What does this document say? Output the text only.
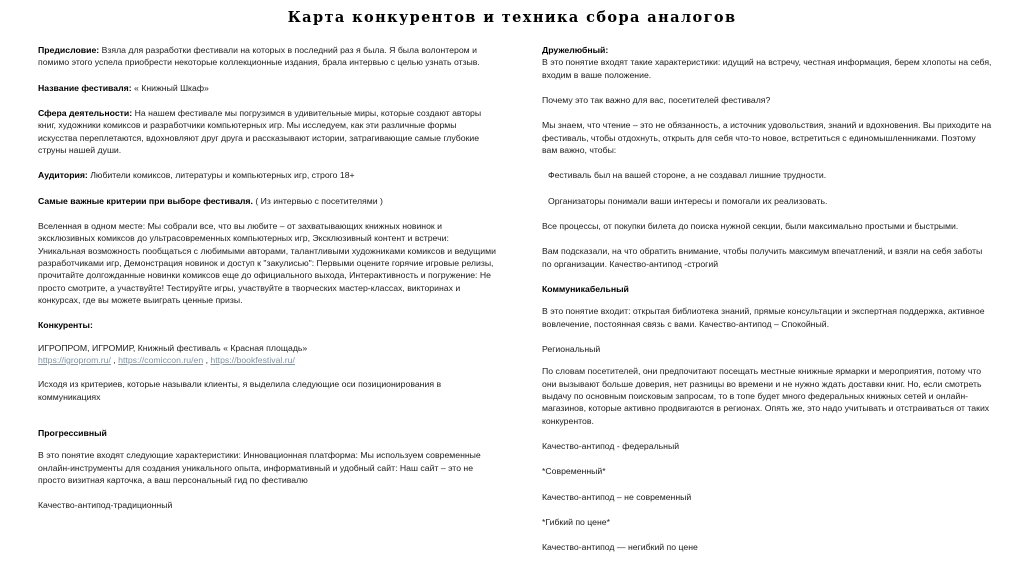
Карта конкурентов и техника сбора аналогов

Предисловие: Взяла для разработки фестивали на которых в последний раз я была. Я была волонтером и помимо этого успела приобрести некоторые коллекционные издания, брала интервью с целью узнать отзыв.

Название фестиваля: « Книжный Шкаф»

Сфера деятельности: На нашем фестивале мы погрузимся в удивительные миры, которые создают авторы книг, художники комиксов и разработчики компьютерных игр. Мы исследуем, как эти различные формы искусства переплетаются, вдохновляют друг друга и рассказывают истории, затрагивающие самые глубокие струны нашей души.

Аудитория: Любители комиксов, литературы и компьютерных игр, строго 18+

Самые важные критерии при выборе фестиваля. ( Из интервью с посетителями )

Вселенная в одном месте: Мы собрали все, что вы любите – от захватывающих книжных новинок и эксклюзивных комиксов до ультрасовременных компьютерных игр, Эксклюзивный контент и встречи: Уникальная возможность пообщаться с любимыми авторами, талантливыми художниками комиксов и ведущими разработчиками игр, Демонстрация новинок и доступ к "закулисью": Первыми оцените горячие игровые релизы, прочитайте долгожданные новинки комиксов еще до официального выхода, Интерактивность и погружение: Не просто смотрите, а участвуйте! Тестируйте игры, участвуйте в творческих мастер-классах, викторинах и конкурсах, где вы можете выиграть ценные призы.

Конкуренты:

ИГРОПРОМ, ИГРОМИР, Книжный фестиваль « Красная площадь»

https://igroprom.ru/ , https://comiccon.ru/en , https://bookfestival.ru/

Исходя из критериев, которые называли клиенты, я выделила следующие оси позиционирования в коммуникациях

Прогрессивный

В это понятие входят следующие характеристики: Инновационная платформа: Мы используем современные онлайн-инструменты для создания уникального опыта, информативный и удобный сайт: Наш сайт – это не просто визитная карточка, а ваш персональный гид по фестивалю

Качество-антипод-традиционный

Дружелюбный:

В это понятие входят такие характеристики: идущий на встречу, честная информация, берем хлопоты на себя, входим в ваше положение.

Почему это так важно для вас, посетителей фестиваля?

Мы знаем, что чтение – это не обязанность, а источник удовольствия, знаний и вдохновения. Вы приходите на фестиваль, чтобы отдохнуть, открыть для себя что-то новое, встретиться с единомышленниками. Поэтому вам важно, чтобы:

Фестиваль был на вашей стороне, а не создавал лишние трудности.

Организаторы понимали ваши интересы и помогали их реализовать.

Все процессы, от покупки билета до поиска нужной секции, были максимально простыми и быстрыми.

Вам подсказали, на что обратить внимание, чтобы получить максимум впечатлений, и взяли на себя заботы по организации. Качество-антипод -строгий

Коммуникабельный

В это понятие входит: открытая библиотека знаний, прямые консультации и экспертная поддержка, активное вовлечение, постоянная связь с вами. Качество-антипод – Спокойный.

Региональный

По словам посетителей, они предпочитают посещать местные книжные ярмарки и мероприятия, потому что они вызывают больше доверия, нет разницы во времени и не нужно ждать доставки книг. Но, если смотреть выдачу по основным поисковым запросам, то в топе будет много федеральных книжных сетей и онлайн-магазинов, которые активно продвигаются в регионах. Опять же, это надо учитывать и отстраиваться от таких конкурентов.

Качество-антипод - федеральный

*Современный*

Качество-антипод – не современный

*Гибкий по цене*

Качество-антипод — негибкий по цене
